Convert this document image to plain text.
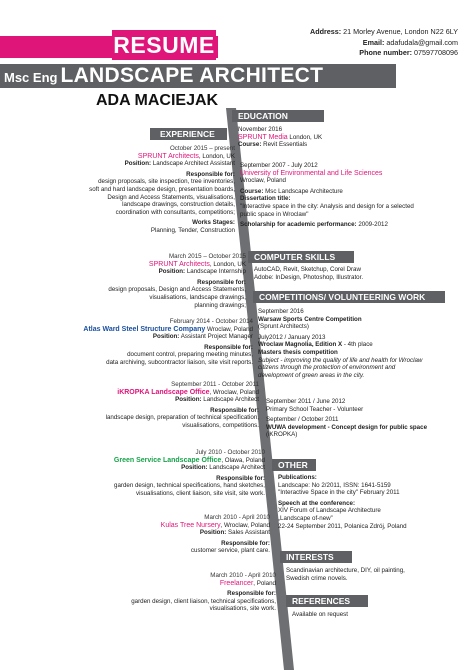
RESUME
Address: 21 Morley Avenue, London N22 6LY
Email: adafudala@gmail.com
Phone number: 07597708096
Msc Eng LANDSCAPE ARCHITECT
ADA MACIEJAK
EDUCATION
EXPERIENCE	November 2016
SPRUNT Media London, UK
Course: Revit Essentials
September 2007 - July 2012
University of Environmental and Life Sciences
Wroclaw, Poland
Course: Msc Landscape Architecture
Dissertation title:
"Interactive space in the city: Analysis and design for a selected
public space in Wroclaw"
Scholarship for academic performance: 2009-2012
COMPUTER SKILLS
AutoCAD, Revit, Sketchup, Corel Draw
Adobe: InDesign, Photoshop, Illustrator.
COMPETITIONS/ VOLUNTEERING WORK
September 2016
Warsaw Sports Centre Competition
(Sprunt Architects)
July2012 / January 2013
Wroclaw Magnolia, Edition X - 4th place
Masters thesis competition
Subject - improving the quality of life and health for Wroclaw
citizens through the protection of environment and
development of green areas in the city.
September 2011 / June 2012
Primary School Teacher - Volunteer
September / October 2011
WUWA development - Concept design for public space
(iKROPKA)
OTHER
Publications:
Landscape: No 2/2011, ISSN: 1641-5159
"Interactive Space in the city" February 2011
Speech at the conference:
XIV Forum of Landscape Architecture
„Landscape of-new”
22-24 September 2011, Polanica Zdrój, Poland
INTERESTS
Scandinavian architecture, DIY, oil painting,
Swedish crime novels.
REFERENCES
Available on request
October 2015 – present
SPRUNT Architects, London, UK
Position: Landscape Architect Assistant
Responsible for:
design proposals, site inspection, tree inventories,
soft and hard landscape design, presentation boards,
Design and Access Statements, visualisations,
landscape drawings, construction details,
coordination with consultants, competitions;
Works Stages:
Planning, Tender, Construction
March 2015 – October 2015
SPRUNT Architects, London, UK
Position: Landscape Internship
Responsible for:
design proposals, Design and Access Statements,
visualisations, landscape drawings,
planning drawings;
February 2014 - October 2014
Atlas Ward Steel Structure Company Wroclaw, Poland
Position: Assistant Project Manager
Responsible for:
document control, preparing meeting minutes,
data archiving, subcontractor liaison, site visit reports.
September 2011 - October 2011
iKROPKA Landscape Office, Wroclaw, Poland
Position: Landscape Architect
Responsible for:
landscape design, preparation of technical specification,
visualisations, competitions.
July 2010 - October 2010
Green Service Landscape Office, Olawa, Poland
Position: Landscape Architect
Responsible for:
garden design, technical specifications, hand sketches,
visualisations, client liaison, site visit, site work.
March 2010 - April 2010
Kulas Tree Nursery, Wroclaw, Poland
Position: Sales Assistant
Responsible for:
customer service, plant care.
March 2010 - April 2010
Freelancer, Poland
Responsible for:
garden design, client liaison, technical specifications,
visualisations, site work.
